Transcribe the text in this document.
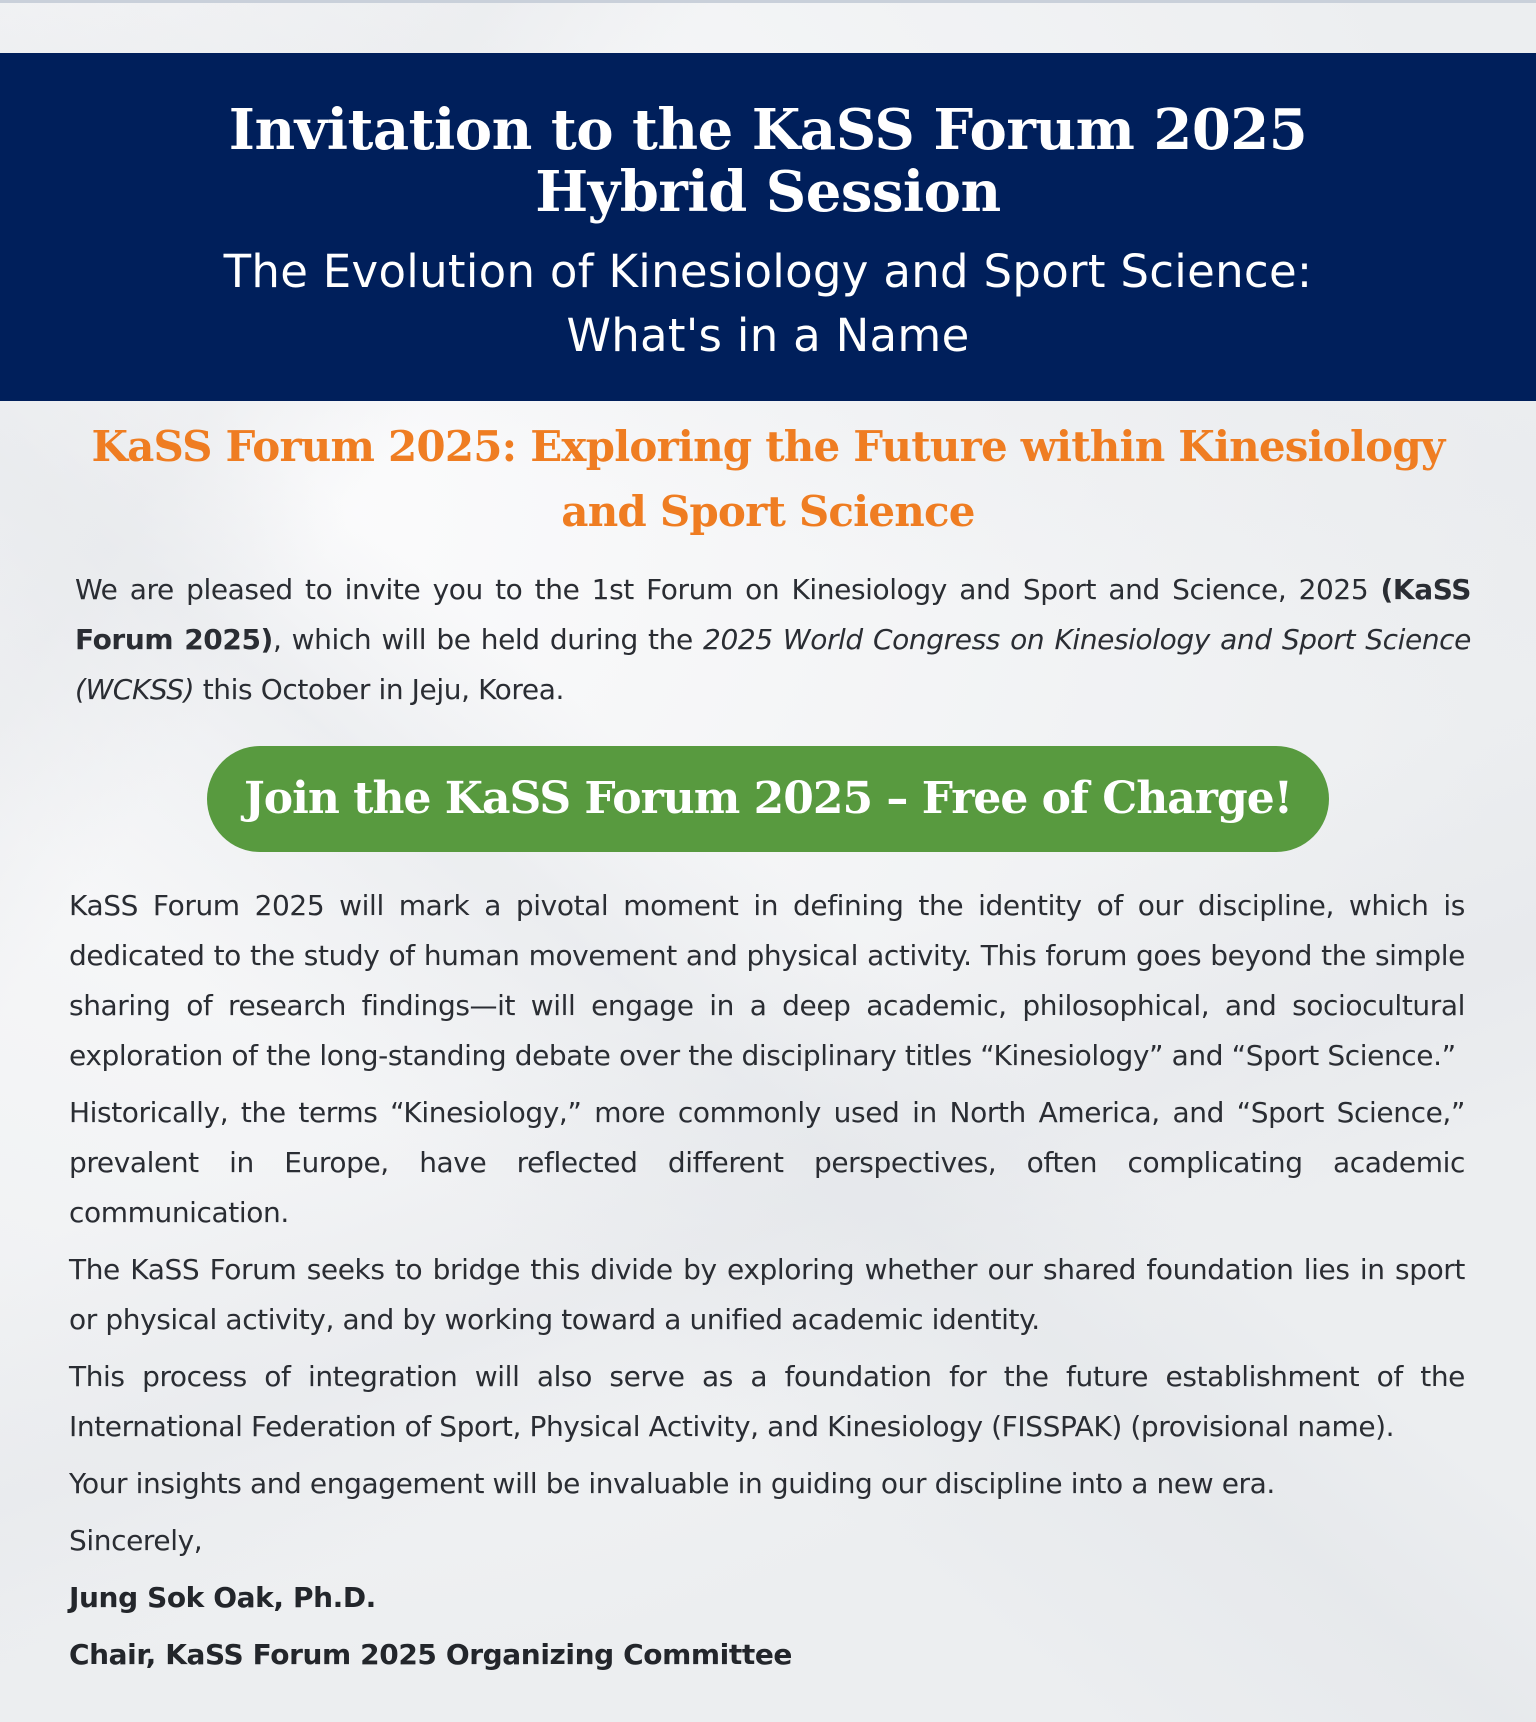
Invitation to the KaSS Forum 2025
Hybrid Session
The Evolution of Kinesiology and Sport Science:
What's in a Name
KaSS Forum 2025: Exploring the Future within Kinesiology
and Sport Science
We are pleased to invite you to the 1st Forum on Kinesiology and Sport and Science, 2025 (KaSS Forum 2025), which will be held during the 2025 World Congress on Kinesiology and Sport Science (WCKSS) this October in Jeju, Korea.
Join the KaSS Forum 2025 – Free of Charge!

KaSS Forum 2025 will mark a pivotal moment in defining the identity of our discipline, which is dedicated to the study of human movement and physical activity. This forum goes beyond the simple sharing of research findings—it will engage in a deep academic, philosophical, and sociocultural exploration of the long-standing debate over the disciplinary titles “Kinesiology” and “Sport Science.”

Historically, the terms “Kinesiology,” more commonly used in North America, and “Sport Science,” prevalent in Europe, have reflected different perspectives, often complicating academic communication.

The KaSS Forum seeks to bridge this divide by exploring whether our shared foundation lies in sport or physical activity, and by working toward a unified academic identity.

This process of integration will also serve as a foundation for the future establishment of the International Federation of Sport, Physical Activity, and Kinesiology (FISSPAK) (provisional name).

Your insights and engagement will be invaluable in guiding our discipline into a new era.

Sincerely,

Jung Sok Oak, Ph.D.

Chair, KaSS Forum 2025 Organizing Committee
